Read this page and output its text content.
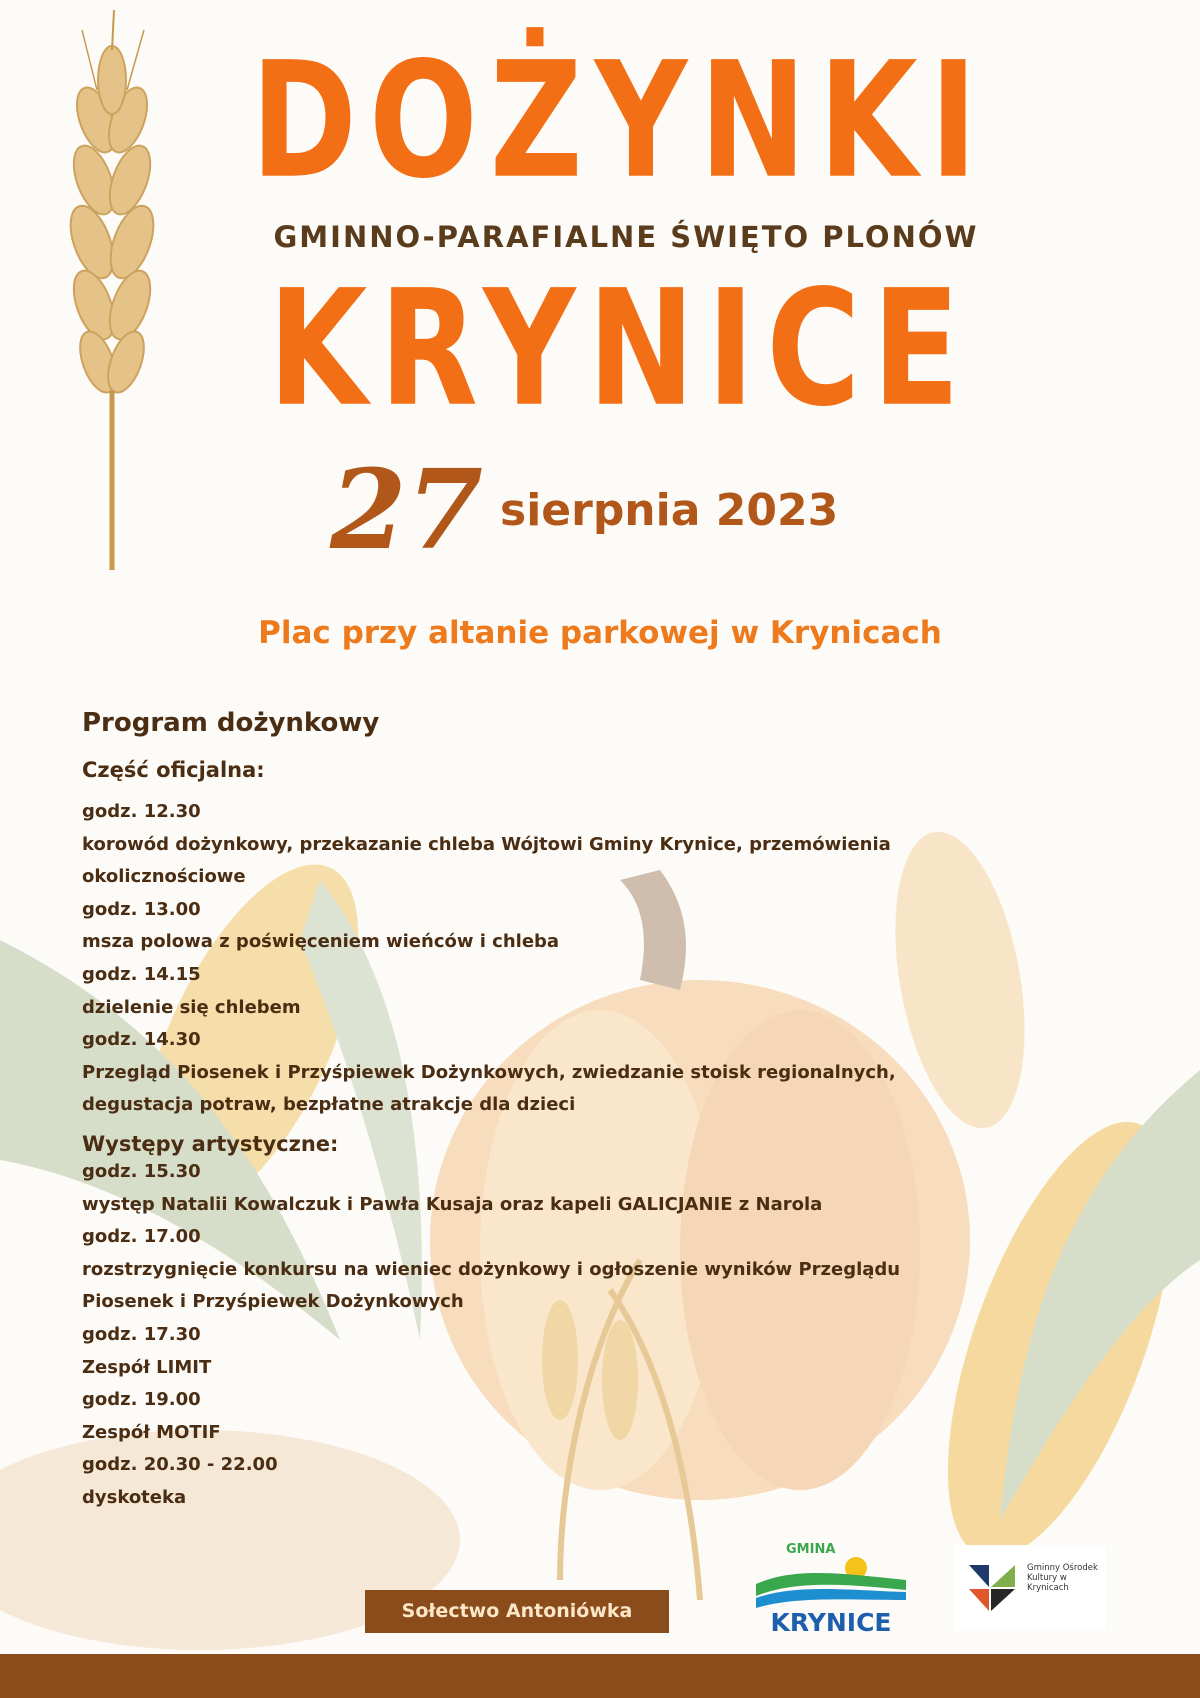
DOŻYNKI
GMINNO-PARAFIALNE ŚWIĘTO PLONÓW
KRYNICE
27 sierpnia 2023
Plac przy altanie parkowej w Krynicach
Program dożynkowy
Część oficjalna:
godz. 12.30
korowód dożynkowy, przekazanie chleba Wójtowi Gminy Krynice, przemówienia
okolicznościowe
godz. 13.00
msza polowa z poświęceniem wieńców i chleba
godz. 14.15
dzielenie się chlebem
godz. 14.30
Przegląd Piosenek i Przyśpiewek Dożynkowych, zwiedzanie stoisk regionalnych,
degustacja potraw, bezpłatne atrakcje dla dzieci
Występy artystyczne:
godz. 15.30
występ Natalii Kowalczuk i Pawła Kusaja oraz kapeli GALICJANIE z Narola
godz. 17.00
rozstrzygnięcie konkursu na wieniec dożynkowy i ogłoszenie wyników Przeglądu
Piosenek i Przyśpiewek Dożynkowych
godz. 17.30
Zespół LIMIT
godz. 19.00
Zespół MOTIF
godz. 20.30 - 22.00
dyskoteka
Sołectwo Antoniówka
GMINA
KRYNICE
Gminny Ośrodek Kultury w Krynicach
